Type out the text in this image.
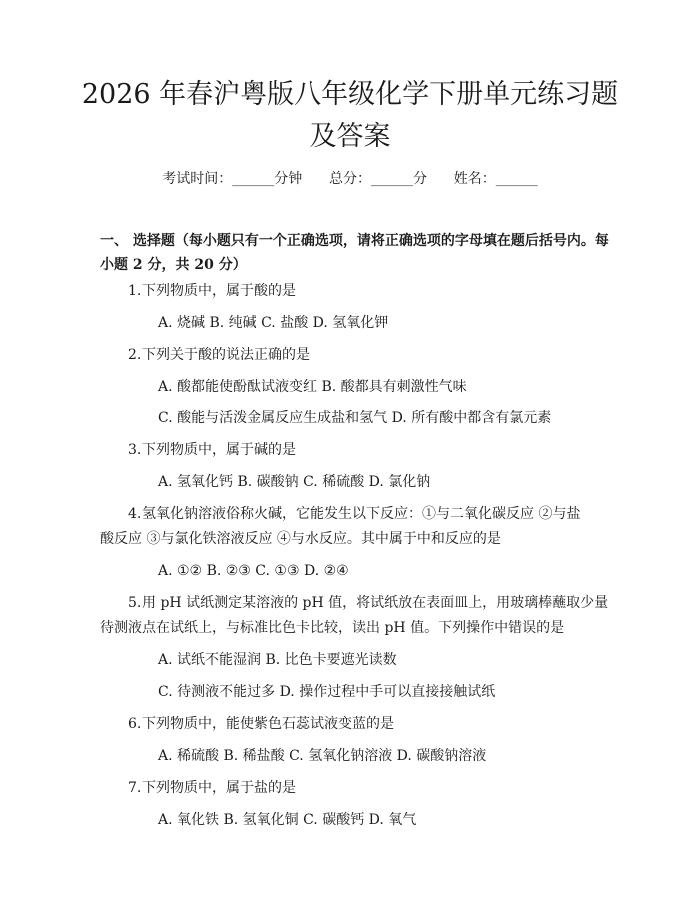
2026 年春沪粤版八年级化学下册单元练习题
及答案
考试时间：______分钟      总分：______分      姓名：______
一、 选择题（每小题只有一个正确选项，请将正确选项的字母填在题后括号内。每小题 2 分，共 20 分）
1.下列物质中，属于酸的是
A. 烧碱 B. 纯碱 C. 盐酸 D. 氢氧化钾
2.下列关于酸的说法正确的是
A. 酸都能使酚酞试液变红 B. 酸都具有刺激性气味
C. 酸能与活泼金属反应生成盐和氢气 D. 所有酸中都含有氯元素
3.下列物质中，属于碱的是
A. 氢氧化钙 B. 碳酸钠 C. 稀硫酸 D. 氯化钠
4.氢氧化钠溶液俗称火碱，它能发生以下反应：①与二氧化碳反应 ②与盐
酸反应 ③与氯化铁溶液反应 ④与水反应。其中属于中和反应的是
A. ①② B. ②③ C. ①③ D. ②④
5.用 pH 试纸测定某溶液的 pH 值，将试纸放在表面皿上，用玻璃棒蘸取少量
待测液点在试纸上，与标准比色卡比较，读出 pH 值。下列操作中错误的是
A. 试纸不能湿润 B. 比色卡要遮光读数
C. 待测液不能过多 D. 操作过程中手可以直接接触试纸
6.下列物质中，能使紫色石蕊试液变蓝的是
A. 稀硫酸 B. 稀盐酸 C. 氢氧化钠溶液 D. 碳酸钠溶液
7.下列物质中，属于盐的是
A. 氧化铁 B. 氢氧化铜 C. 碳酸钙 D. 氧气
